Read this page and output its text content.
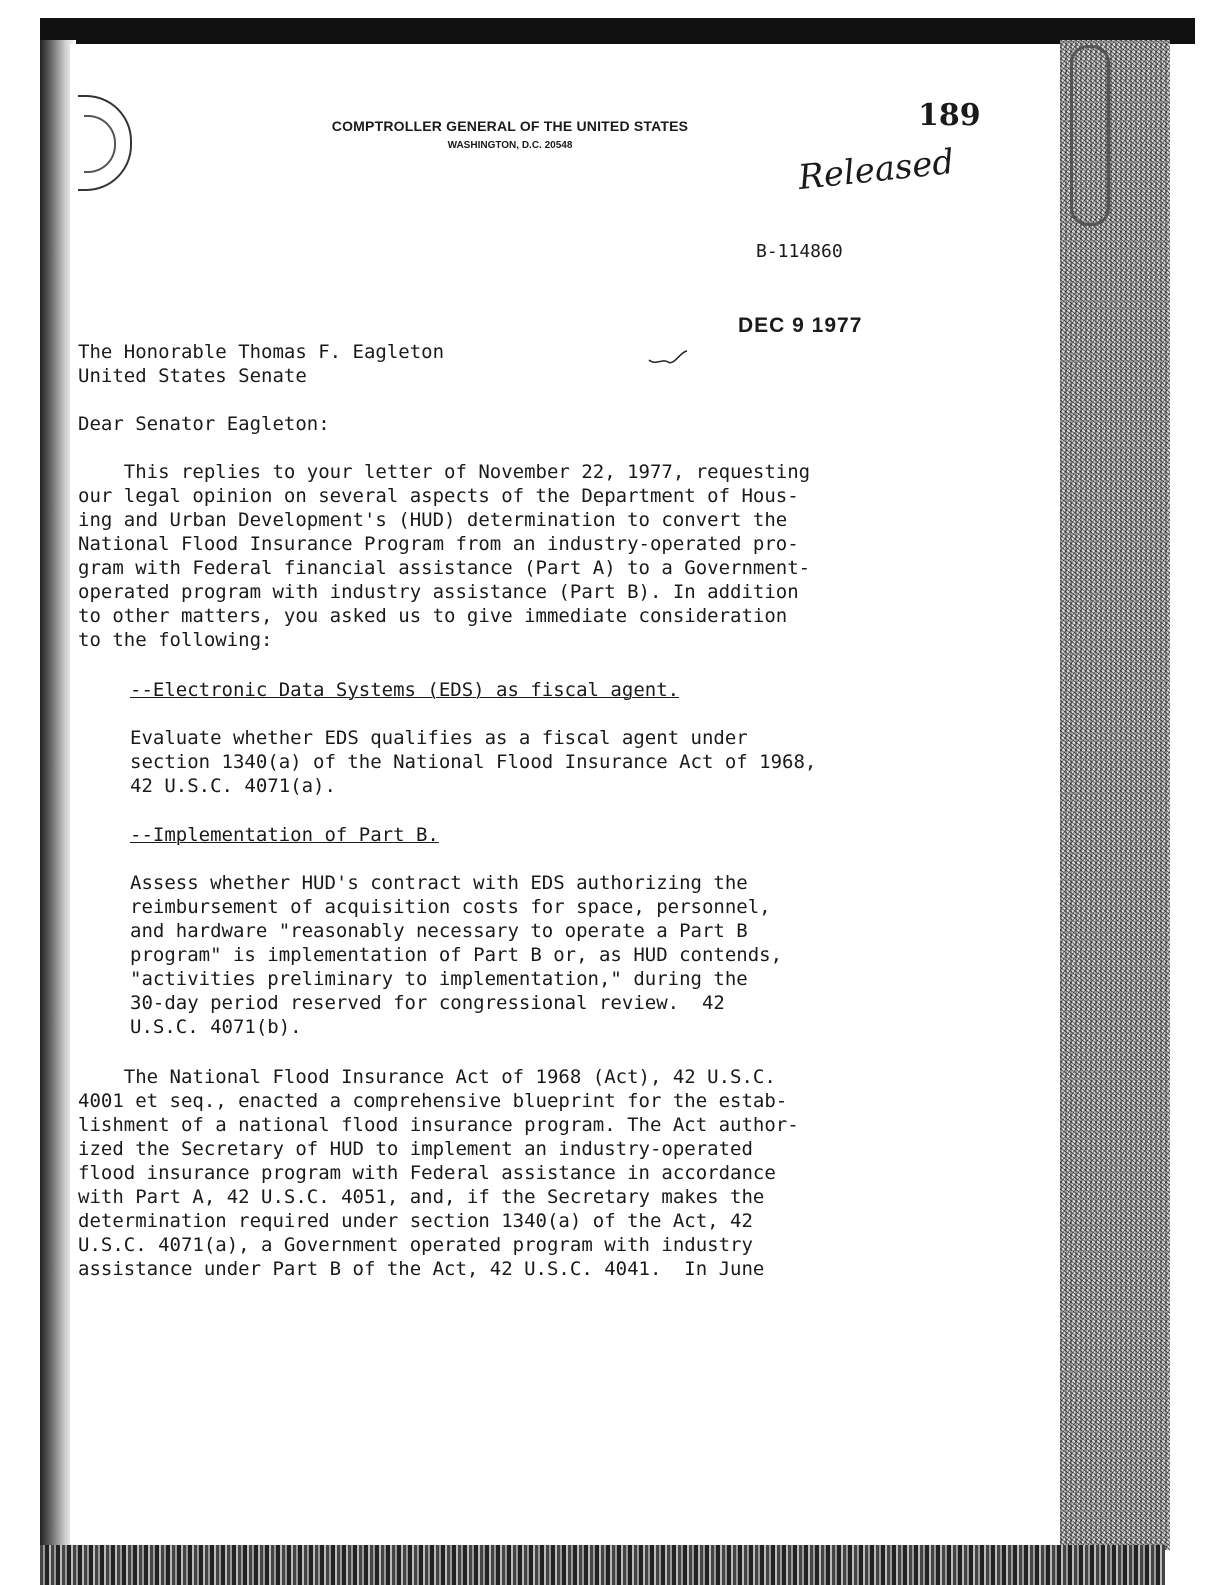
COMPTROLLER GENERAL OF THE UNITED STATES
WASHINGTON, D.C. 20548
189
Released
B-114860
DEC 9 1977
The Honorable Thomas F. Eagleton
United States Senate
Dear Senator Eagleton:
This replies to your letter of November 22, 1977, requesting
our legal opinion on several aspects of the Department of Hous-
ing and Urban Development's (HUD) determination to convert the
National Flood Insurance Program from an industry-operated pro-
gram with Federal financial assistance (Part A) to a Government-
operated program with industry assistance (Part B). In addition
to other matters, you asked us to give immediate consideration
to the following:
--Electronic Data Systems (EDS) as fiscal agent.
Evaluate whether EDS qualifies as a fiscal agent under
section 1340(a) of the National Flood Insurance Act of 1968,
42 U.S.C. 4071(a).
--Implementation of Part B.
Assess whether HUD's contract with EDS authorizing the
reimbursement of acquisition costs for space, personnel,
and hardware "reasonably necessary to operate a Part B
program" is implementation of Part B or, as HUD contends,
"activities preliminary to implementation," during the
30-day period reserved for congressional review.  42
U.S.C. 4071(b).
The National Flood Insurance Act of 1968 (Act), 42 U.S.C.
4001 et seq., enacted a comprehensive blueprint for the estab-
lishment of a national flood insurance program. The Act author-
ized the Secretary of HUD to implement an industry-operated
flood insurance program with Federal assistance in accordance
with Part A, 42 U.S.C. 4051, and, if the Secretary makes the
determination required under section 1340(a) of the Act, 42
U.S.C. 4071(a), a Government operated program with industry
assistance under Part B of the Act, 42 U.S.C. 4041.  In June
